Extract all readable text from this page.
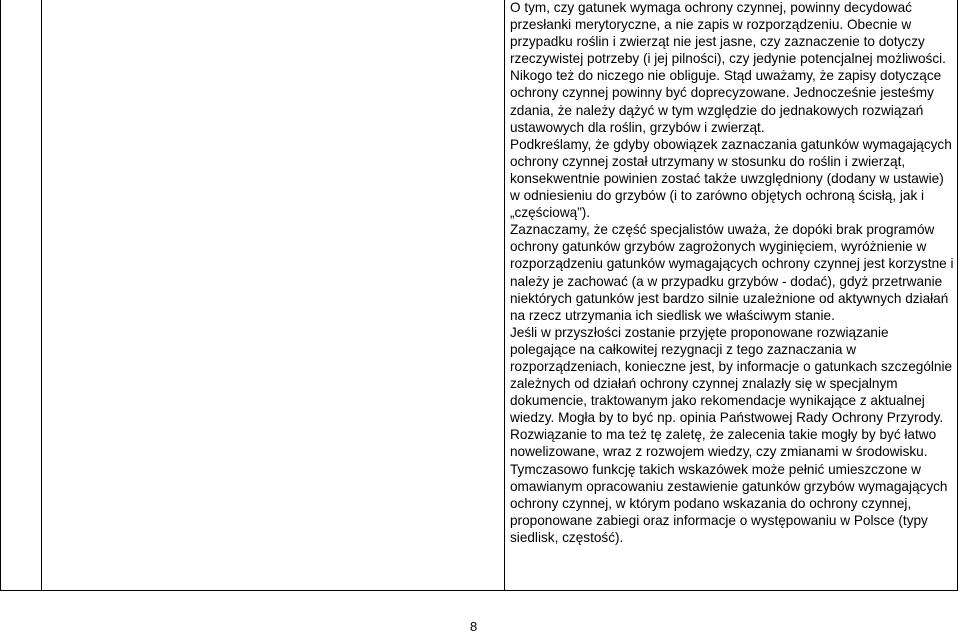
O tym, czy gatunek wymaga ochrony czynnej, powinny decydować przesłanki merytoryczne, a nie zapis w rozporządzeniu. Obecnie w przypadku roślin i zwierząt nie jest jasne, czy zaznaczenie to dotyczy rzeczywistej potrzeby (i jej pilności), czy jedynie potencjalnej możliwości. Nikogo też do niczego nie obliguje. Stąd uważamy, że zapisy dotyczące ochrony czynnej powinny być doprecyzowane. Jednocześnie jesteśmy zdania, że należy dążyć w tym względzie do jednakowych rozwiązań ustawowych dla roślin, grzybów i zwierząt.

Podkreślamy, że gdyby obowiązek zaznaczania gatunków wymagających ochrony czynnej został utrzymany w stosunku do roślin i zwierząt, konsekwentnie powinien zostać także uwzględniony (dodany w ustawie) w odniesieniu do grzybów (i to zarówno objętych ochroną ścisłą, jak i „częściową”).

Zaznaczamy, że część specjalistów uważa, że dopóki brak programów ochrony gatunków grzybów zagrożonych wyginięciem, wyróżnienie w rozporządzeniu gatunków wymagających ochrony czynnej jest korzystne i należy je zachować (a w przypadku grzybów - dodać), gdyż przetrwanie niektórych gatunków jest bardzo silnie uzależnione od aktywnych działań na rzecz utrzymania ich siedlisk we właściwym stanie.

Jeśli w przyszłości zostanie przyjęte proponowane rozwiązanie polegające na całkowitej rezygnacji z tego zaznaczania w rozporządzeniach, konieczne jest, by informacje o gatunkach szczególnie zależnych od działań ochrony czynnej znalazły się w specjalnym dokumencie, traktowanym jako rekomendacje wynikające z aktualnej wiedzy. Mogła by to być np. opinia Państwowej Rady Ochrony Przyrody. Rozwiązanie to ma też tę zaletę, że zalecenia takie mogły by być łatwo nowelizowane, wraz z rozwojem wiedzy, czy zmianami w środowisku. Tymczasowo funkcję takich wskazówek może pełnić umieszczone w omawianym opracowaniu zestawienie gatunków grzybów wymagających ochrony czynnej, w którym podano wskazania do ochrony czynnej, proponowane zabiegi oraz informacje o występowaniu w Polsce (typy siedlisk, częstość).

8
